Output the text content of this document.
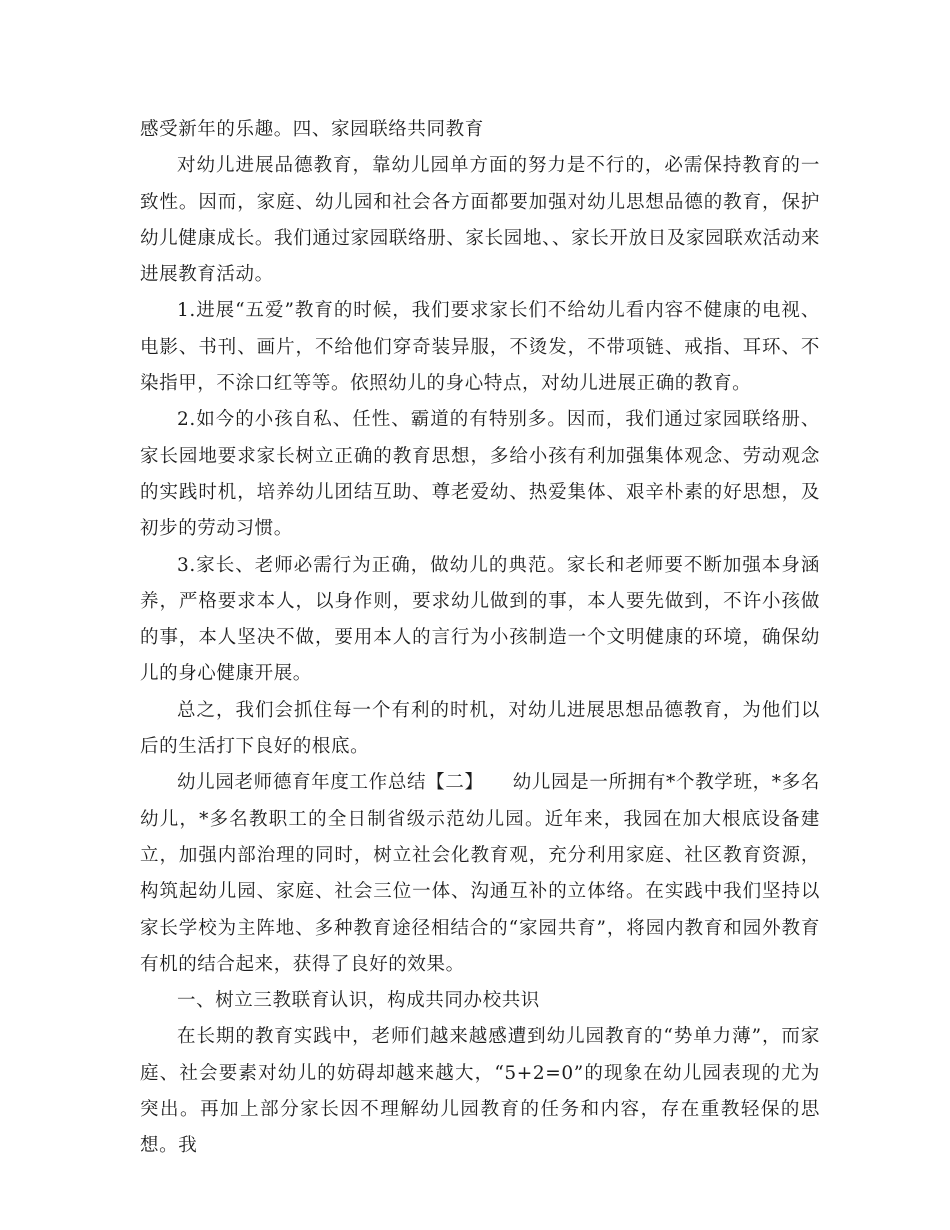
感受新年的乐趣。四、家园联络共同教育

对幼儿进展品德教育，靠幼儿园单方面的努力是不行的，必需保持教育的一致性。因而，家庭、幼儿园和社会各方面都要加强对幼儿思想品德的教育，保护幼儿健康成长。我们通过家园联络册、家长园地、、家长开放日及家园联欢活动来进展教育活动。

1.进展“五爱”教育的时候，我们要求家长们不给幼儿看内容不健康的电视、电影、书刊、画片，不给他们穿奇装异服，不烫发，不带项链、戒指、耳环、不染指甲，不涂口红等等。依照幼儿的身心特点，对幼儿进展正确的教育。

2.如今的小孩自私、任性、霸道的有特别多。因而，我们通过家园联络册、家长园地要求家长树立正确的教育思想，多给小孩有利加强集体观念、劳动观念的实践时机，培养幼儿团结互助、尊老爱幼、热爱集体、艰辛朴素的好思想，及初步的劳动习惯。

3.家长、老师必需行为正确，做幼儿的典范。家长和老师要不断加强本身涵养，严格要求本人，以身作则，要求幼儿做到的事，本人要先做到，不许小孩做的事，本人坚决不做，要用本人的言行为小孩制造一个文明健康的环境，确保幼儿的身心健康开展。

总之，我们会抓住每一个有利的时机，对幼儿进展思想品德教育，为他们以后的生活打下良好的根底。

幼儿园老师德育年度工作总结【二】　　幼儿园是一所拥有*个教学班，*多名幼儿，*多名教职工的全日制省级示范幼儿园。近年来，我园在加大根底设备建立，加强内部治理的同时，树立社会化教育观，充分利用家庭、社区教育资源，构筑起幼儿园、家庭、社会三位一体、沟通互补的立体络。在实践中我们坚持以家长学校为主阵地、多种教育途径相结合的“家园共育”，将园内教育和园外教育有机的结合起来，获得了良好的效果。

一、树立三教联育认识，构成共同办校共识

在长期的教育实践中，老师们越来越感遭到幼儿园教育的“势单力薄”，而家庭、社会要素对幼儿的妨碍却越来越大，“5+2=0”的现象在幼儿园表现的尤为突出。再加上部分家长因不理解幼儿园教育的任务和内容，存在重教轻保的思想。我
